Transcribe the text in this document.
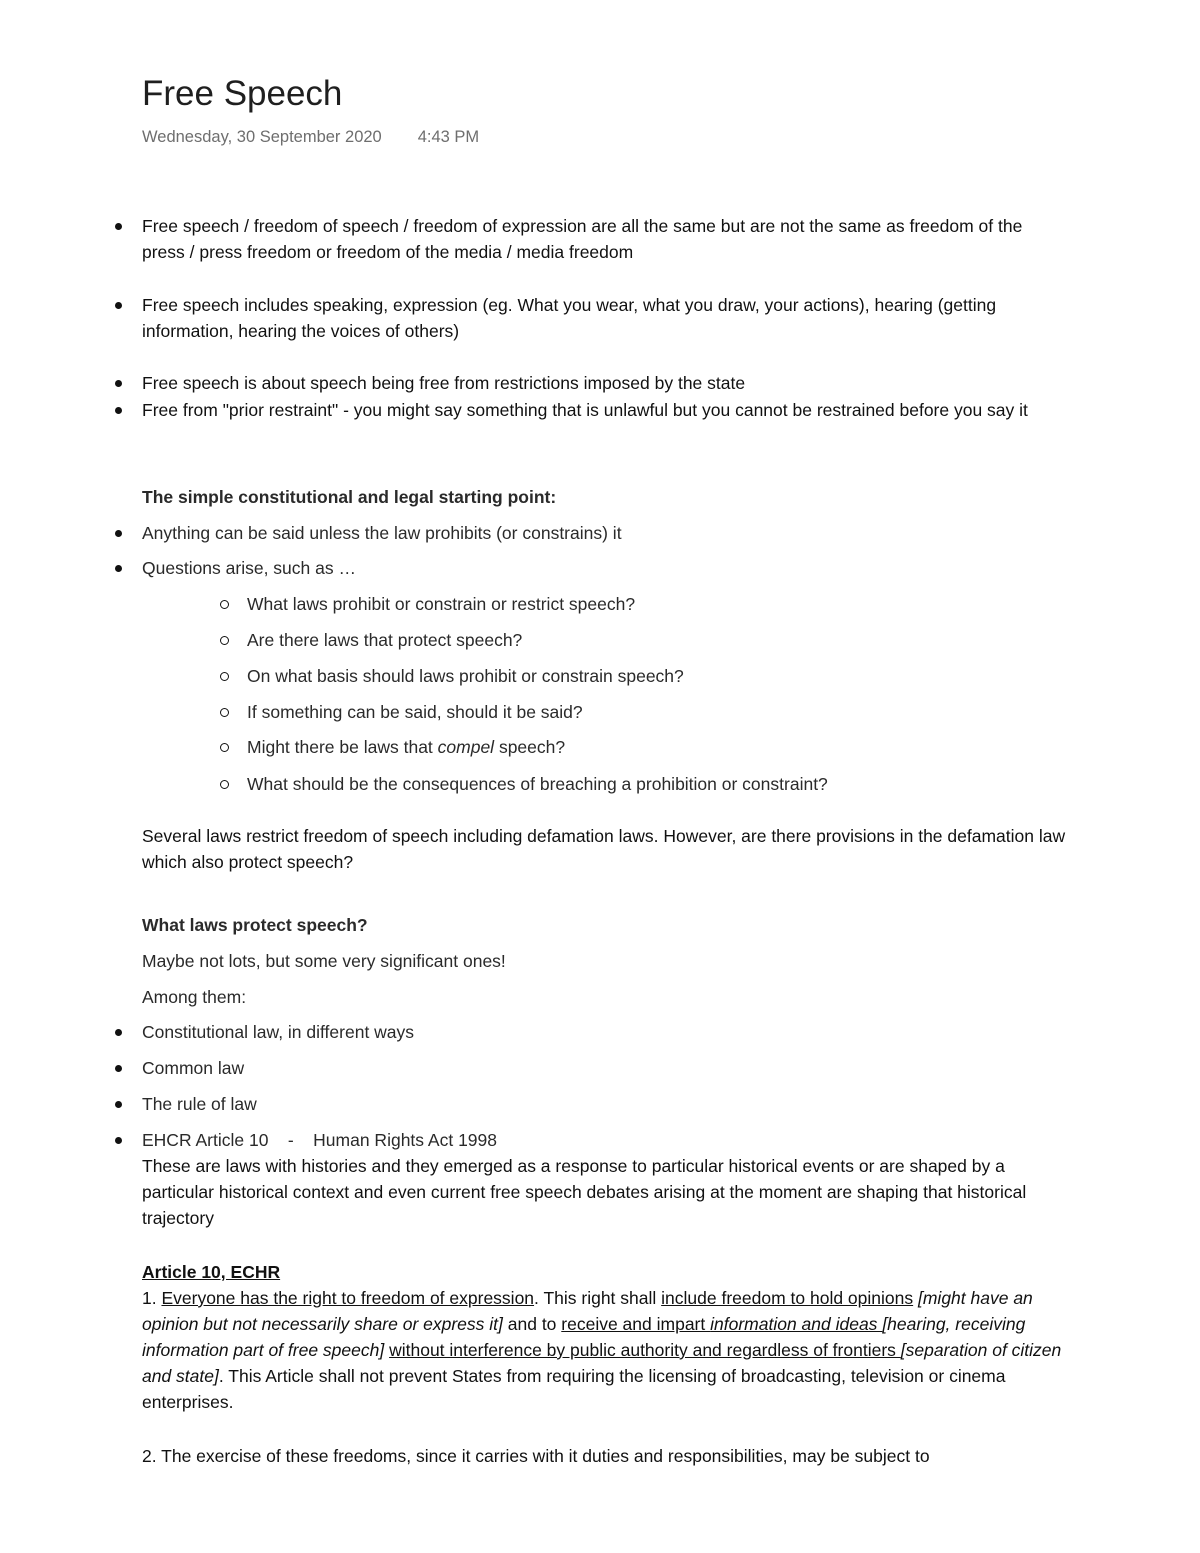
Free Speech
Wednesday, 30 September 2020 4:43 PM
Free speech / freedom of speech / freedom of expression are all the same but are not the same as freedom of the press / press freedom or freedom of the media / media freedom
Free speech includes speaking, expression (eg. What you wear, what you draw, your actions), hearing (getting information, hearing the voices of others)
Free speech is about speech being free from restrictions imposed by the state
Free from "prior restraint" - you might say something that is unlawful but you cannot be restrained before you say it
The simple constitutional and legal starting point:
Anything can be said unless the law prohibits (or constrains) it
Questions arise, such as …
What laws prohibit or constrain or restrict speech?
Are there laws that protect speech?
On what basis should laws prohibit or constrain speech?
If something can be said, should it be said?
Might there be laws that compel speech?
What should be the consequences of breaching a prohibition or constraint?
Several laws restrict freedom of speech including defamation laws. However, are there provisions in the defamation law which also protect speech?
What laws protect speech?
Maybe not lots, but some very significant ones!
Among them:
Constitutional law, in different ways
Common law
The rule of law
EHCR Article 10    -    Human Rights Act 1998
These are laws with histories and they emerged as a response to particular historical events or are shaped by a particular historical context and even current free speech debates arising at the moment are shaping that historical trajectory
Article 10, ECHR
1. Everyone has the right to freedom of expression. This right shall include freedom to hold opinions [might have an opinion but not necessarily share or express it] and to receive and impart information and ideas [hearing, receiving information part of free speech] without interference by public authority and regardless of frontiers [separation of citizen and state]. This Article shall not prevent States from requiring the licensing of broadcasting, television or cinema enterprises.
2. The exercise of these freedoms, since it carries with it duties and responsibilities, may be subject to
